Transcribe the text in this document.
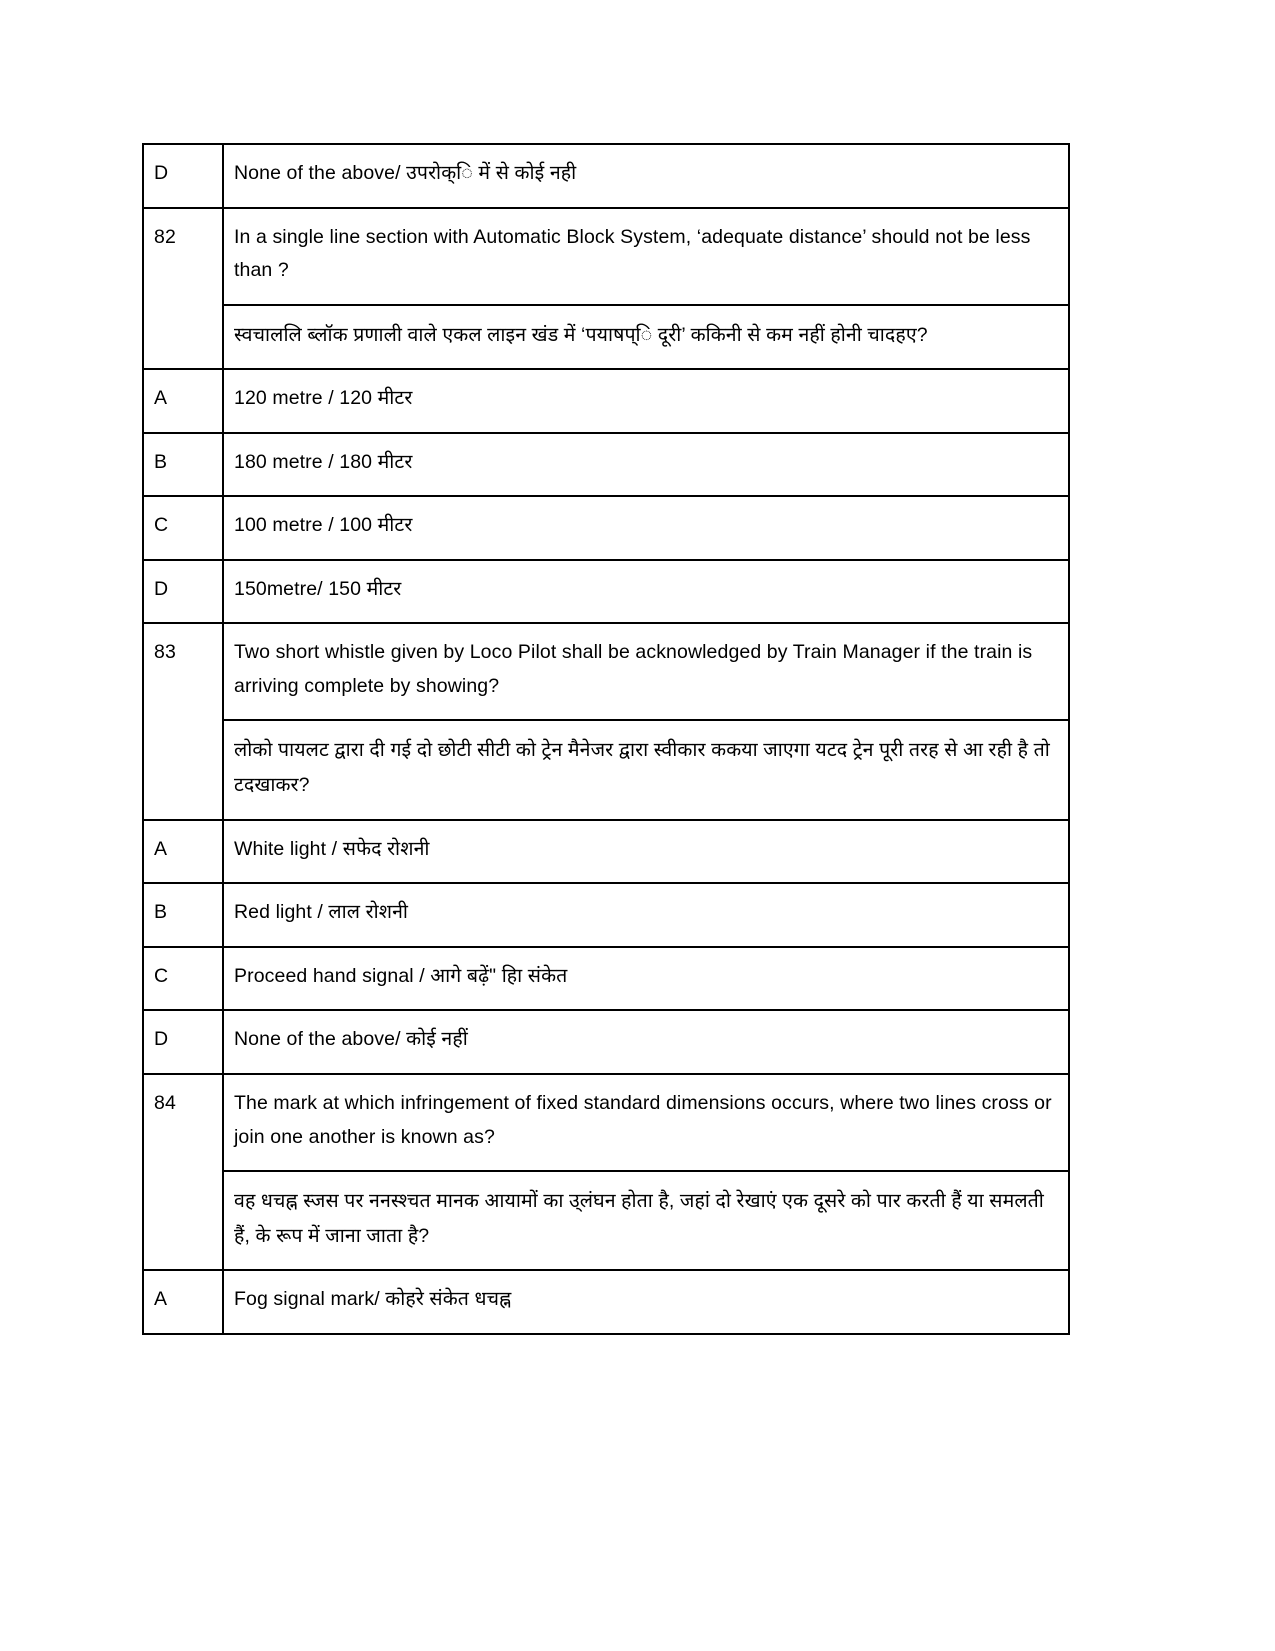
D	None of the above/ उपरोक्ि में से कोई नही
82	In a single line section with Automatic Block System, ‘adequate distance’ should not be less than ?
	स्वचाललि ब्लॉक प्रणाली वाले एकल लाइन खंड में ‘पयाषप्ि दूरी’ ककिनी से कम नहीं होनी चादहए?
A	120 metre / 120 मीटर
B	180 metre / 180 मीटर
C	100 metre / 100 मीटर
D	150metre/ 150 मीटर
83	Two short whistle given by Loco Pilot shall be acknowledged by Train Manager if the train is arriving complete by showing?
	लोको पायलट द्वारा दी गई दो छोटी सीटी को ट्रेन मैनेजर द्वारा स्वीकार ककया जाएगा यटद ट्रेन पूरी तरह से आ रही है तो टदखाकर?
A	White light / सफेद रोशनी
B	Red light / लाल रोशनी
C	Proceed hand signal / आगे बढ़ें" हिा संकेत
D	None of the above/ कोई नहीं
84	The mark at which infringement of fixed standard dimensions occurs, where two lines cross or join one another is known as?
	वह धचह्न स्जस पर ननस्श्चत मानक आयामों का उ्लंघन होता है, जहां दो रेखाएं एक दूसरे को पार करती हैं या समलती हैं, के रूप में जाना जाता है?
A	Fog signal mark/ कोहरे संकेत धचह्न
